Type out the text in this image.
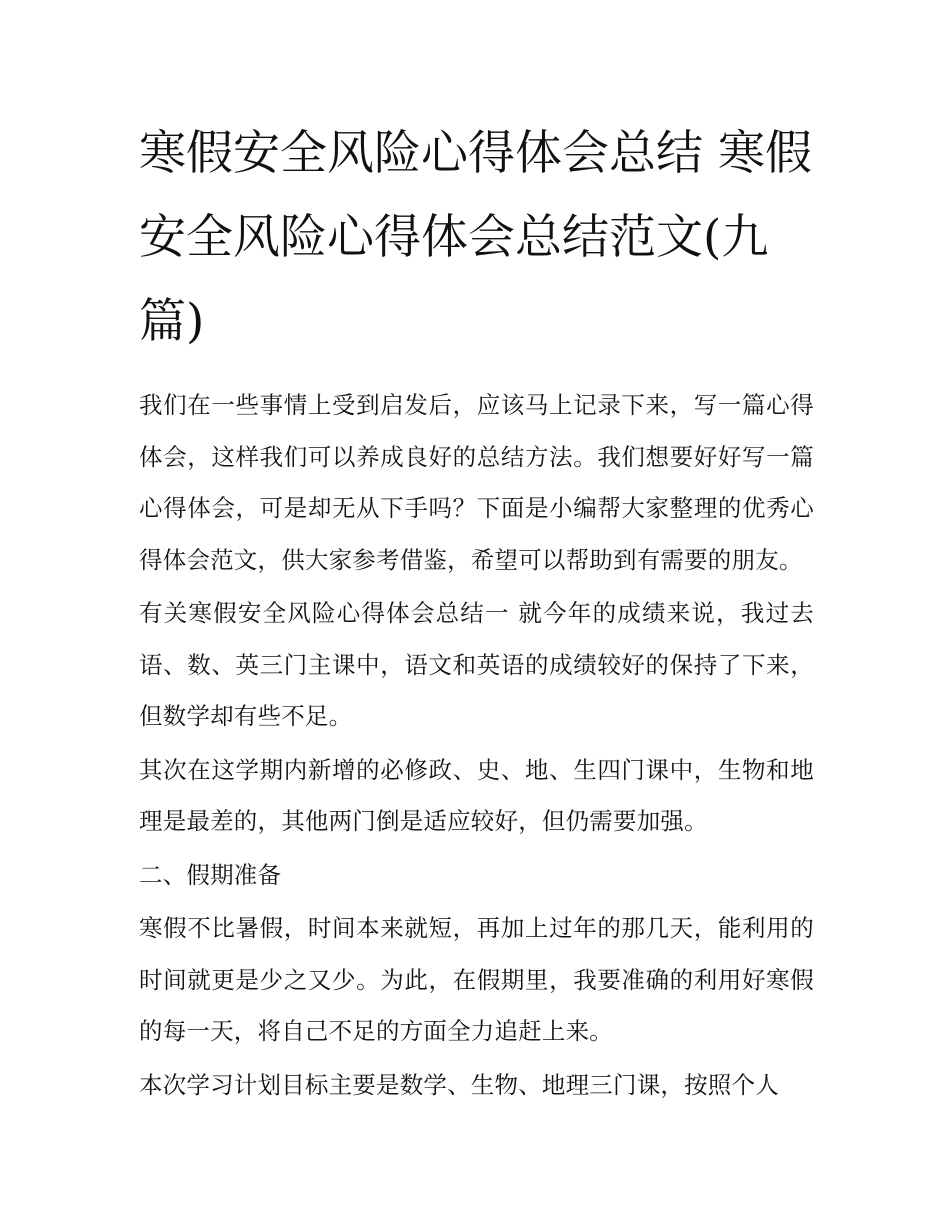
寒假安全风险心得体会总结 寒假安全风险心得体会总结范文(九篇)

我们在一些事情上受到启发后，应该马上记录下来，写一篇心得体会，这样我们可以养成良好的总结方法。我们想要好好写一篇心得体会，可是却无从下手吗？下面是小编帮大家整理的优秀心得体会范文，供大家参考借鉴，希望可以帮助到有需要的朋友。

有关寒假安全风险心得体会总结一 就今年的成绩来说，我过去语、数、英三门主课中，语文和英语的成绩较好的保持了下来，但数学却有些不足。

其次在这学期内新增的必修政、史、地、生四门课中，生物和地理是最差的，其他两门倒是适应较好，但仍需要加强。

二、假期准备

寒假不比暑假，时间本来就短，再加上过年的那几天，能利用的时间就更是少之又少。为此，在假期里，我要准确的利用好寒假的每一天，将自己不足的方面全力追赶上来。

本次学习计划目标主要是数学、生物、地理三门课，按照个人
